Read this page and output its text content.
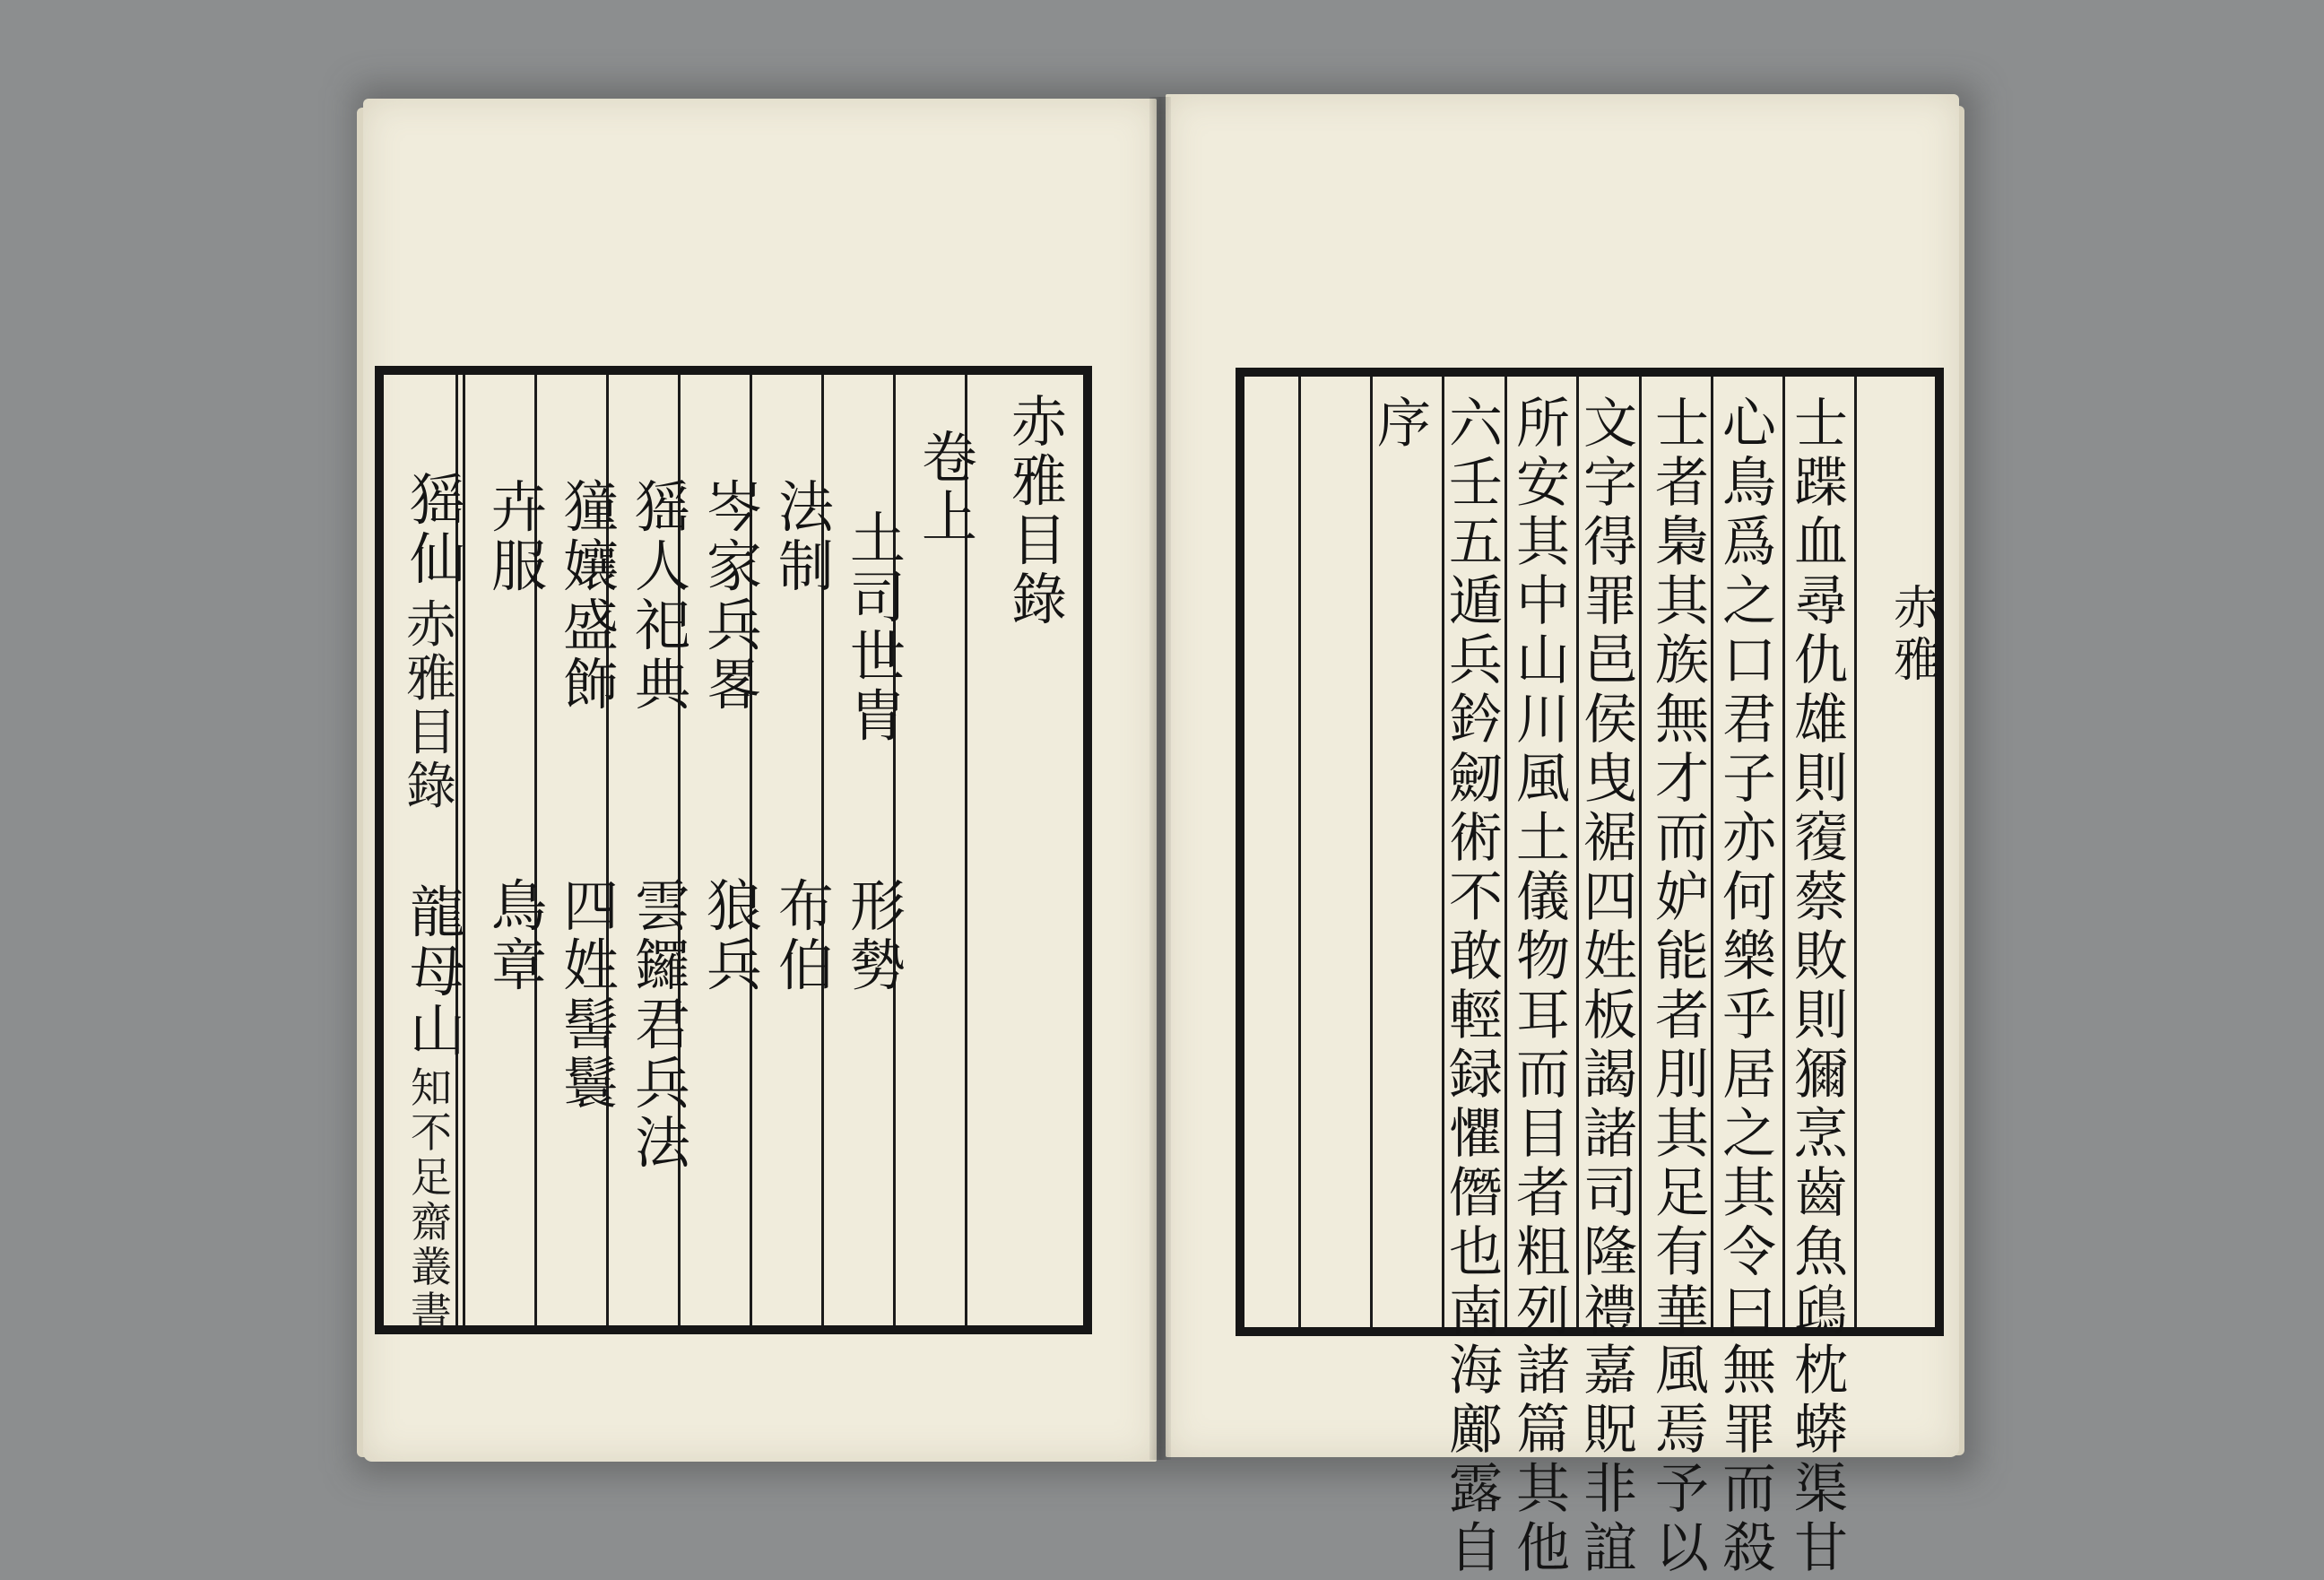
赤雅目錄
知不足齋叢書
赤
雅
目
錄
卷
上
土
司
世
胄
形
勢
法
制
布
伯
岑
家
兵
畧
狼
兵
猺
人
祀
典
雲
鑼
君
兵
法
獞
孃
盛
飾
四
姓
髻
鬟
卉
服
鳥
章
猺
仙
龍
母
山
士
蹀
血
尋
仇
雄
則
𥨍
蔡
敗
則
獮
烹
齒
魚
𩿨
枕
蟒
渠
甘
心
鳥
爲
之
口
君
子
亦
何
樂
乎
居
之
其
令
曰
無
罪
而
殺
士
者
梟
其
族
無
才
而
妒
能
者
刖
其
足
有
華
風
焉
予
以
文
字
得
罪
邑
侯
曳
裾
四
姓
板
謁
諸
司
隆
禮
嘉
貺
非
誼
所
安
其
中
山
川
風
土
儀
物
耳
而
目
者
粗
列
諸
篇
其
他
六
壬
五
遁
兵
鈐
劒
術
不
敢
輕
録
懼
僭
也
南
海
鄺
露
自
序
赤
雅
